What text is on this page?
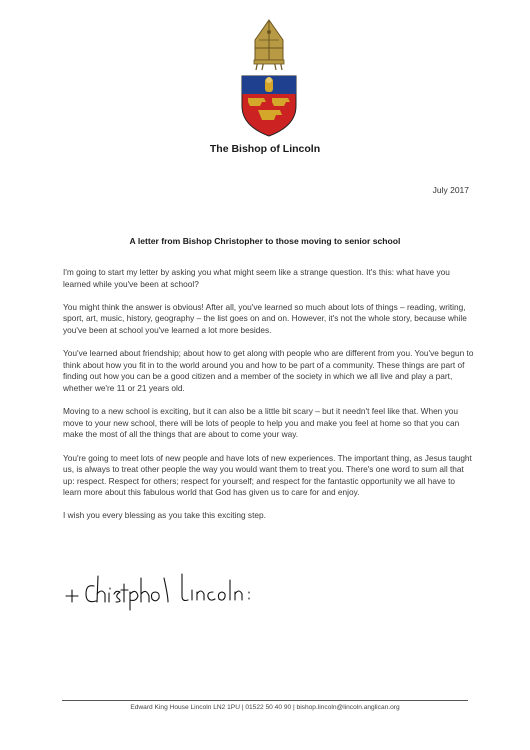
The Bishop of Lincoln
July 2017
A letter from Bishop Christopher to those moving to senior school

I'm going to start my letter by asking you what might seem like a strange question. It's this: what have you learned while you've been at school?

You might think the answer is obvious! After all, you've learned so much about lots of things – reading, writing, sport, art, music, history, geography – the list goes on and on. However, it's not the whole story, because while you've been at school you've learned a lot more besides.

You've learned about friendship; about how to get along with people who are different from you. You've begun to think about how you fit in to the world around you and how to be part of a community. These things are part of finding out how you can be a good citizen and a member of the society in which we all live and play a part, whether we're 11 or 21 years old.

Moving to a new school is exciting, but it can also be a little bit scary – but it needn't feel like that. When you move to your new school, there will be lots of people to help you and make you feel at home so that you can make the most of all the things that are about to come your way.

You're going to meet lots of new people and have lots of new experiences. The important thing, as Jesus taught us, is always to treat other people the way you would want them to treat you. There's one word to sum all that up: respect. Respect for others; respect for yourself; and respect for the fantastic opportunity we all have to learn more about this fabulous world that God has given us to care for and enjoy.

I wish you every blessing as you take this exciting step.

Edward King House Lincoln LN2 1PU | 01522 50 40 90 | bishop.lincoln@lincoln.anglican.org
